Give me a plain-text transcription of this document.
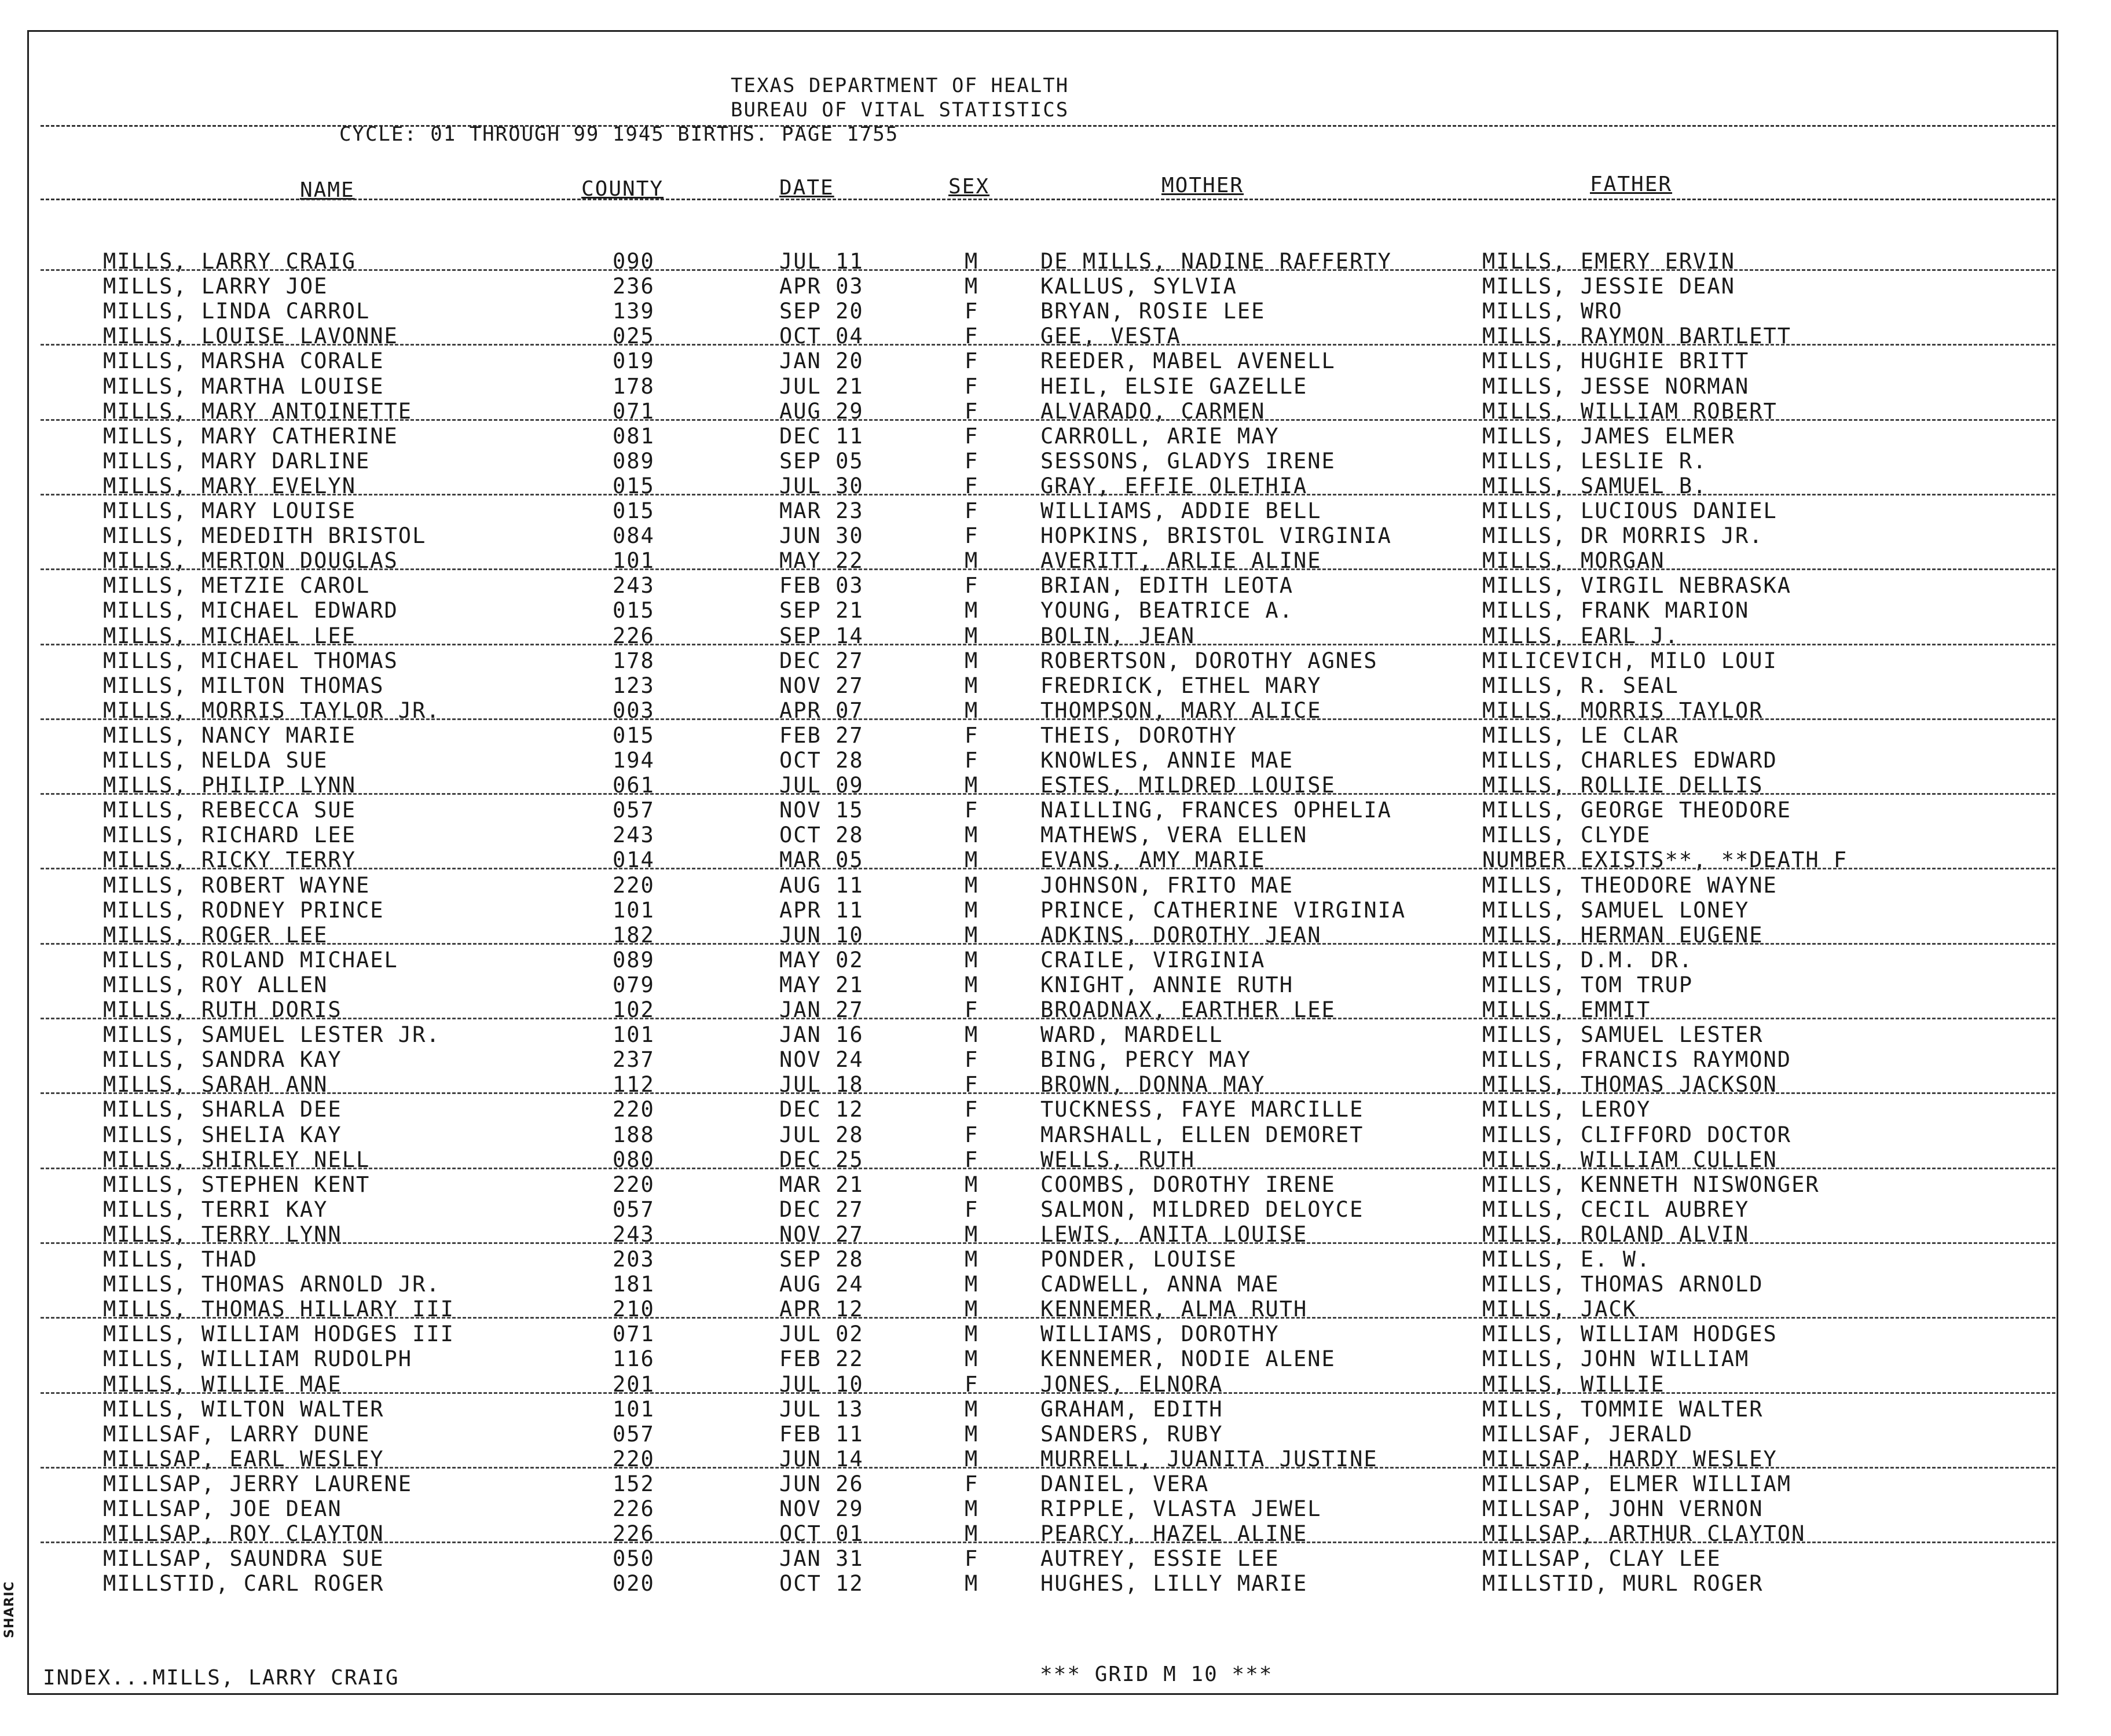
SHARIC
TEXAS DEPARTMENT OF HEALTH
BUREAU OF VITAL STATISTICS
CYCLE: 01 THROUGH 99 1945 BIRTHS. PAGE 1755
NAME	COUNTY	DATE	SEX	MOTHER	FATHER
MILLS, LARRY CRAIG	090	JUL 11	M	DE MILLS, NADINE RAFFERTY	MILLS, EMERY ERVIN
MILLS, LARRY JOE	236	APR 03	M	KALLUS, SYLVIA	MILLS, JESSIE DEAN
MILLS, LINDA CARROL	139	SEP 20	F	BRYAN, ROSIE LEE	MILLS, WRO
MILLS, LOUISE LAVONNE	025	OCT 04	F	GEE, VESTA	MILLS, RAYMON BARTLETT
MILLS, MARSHA CORALE	019	JAN 20	F	REEDER, MABEL AVENELL	MILLS, HUGHIE BRITT
MILLS, MARTHA LOUISE	178	JUL 21	F	HEIL, ELSIE GAZELLE	MILLS, JESSE NORMAN
MILLS, MARY ANTOINETTE	071	AUG 29	F	ALVARADO, CARMEN	MILLS, WILLIAM ROBERT
MILLS, MARY CATHERINE	081	DEC 11	F	CARROLL, ARIE MAY	MILLS, JAMES ELMER
MILLS, MARY DARLINE	089	SEP 05	F	SESSONS, GLADYS IRENE	MILLS, LESLIE R.
MILLS, MARY EVELYN	015	JUL 30	F	GRAY, EFFIE OLETHIA	MILLS, SAMUEL B.
MILLS, MARY LOUISE	015	MAR 23	F	WILLIAMS, ADDIE BELL	MILLS, LUCIOUS DANIEL
MILLS, MEDEDITH BRISTOL	084	JUN 30	F	HOPKINS, BRISTOL VIRGINIA	MILLS, DR MORRIS JR.
MILLS, MERTON DOUGLAS	101	MAY 22	M	AVERITT, ARLIE ALINE	MILLS, MORGAN
MILLS, METZIE CAROL	243	FEB 03	F	BRIAN, EDITH LEOTA	MILLS, VIRGIL NEBRASKA
MILLS, MICHAEL EDWARD	015	SEP 21	M	YOUNG, BEATRICE A.	MILLS, FRANK MARION
MILLS, MICHAEL LEE	226	SEP 14	M	BOLIN, JEAN	MILLS, EARL J.
MILLS, MICHAEL THOMAS	178	DEC 27	M	ROBERTSON, DOROTHY AGNES	MILICEVICH, MILO LOUI
MILLS, MILTON THOMAS	123	NOV 27	M	FREDRICK, ETHEL MARY	MILLS, R. SEAL
MILLS, MORRIS TAYLOR JR.	003	APR 07	M	THOMPSON, MARY ALICE	MILLS, MORRIS TAYLOR
MILLS, NANCY MARIE	015	FEB 27	F	THEIS, DOROTHY	MILLS, LE CLAR
MILLS, NELDA SUE	194	OCT 28	F	KNOWLES, ANNIE MAE	MILLS, CHARLES EDWARD
MILLS, PHILIP LYNN	061	JUL 09	M	ESTES, MILDRED LOUISE	MILLS, ROLLIE DELLIS
MILLS, REBECCA SUE	057	NOV 15	F	NAILLING, FRANCES OPHELIA	MILLS, GEORGE THEODORE
MILLS, RICHARD LEE	243	OCT 28	M	MATHEWS, VERA ELLEN	MILLS, CLYDE
MILLS, RICKY TERRY	014	MAR 05	M	EVANS, AMY MARIE	NUMBER EXISTS**, **DEATH F
MILLS, ROBERT WAYNE	220	AUG 11	M	JOHNSON, FRITO MAE	MILLS, THEODORE WAYNE
MILLS, RODNEY PRINCE	101	APR 11	M	PRINCE, CATHERINE VIRGINIA	MILLS, SAMUEL LONEY
MILLS, ROGER LEE	182	JUN 10	M	ADKINS, DOROTHY JEAN	MILLS, HERMAN EUGENE
MILLS, ROLAND MICHAEL	089	MAY 02	M	CRAILE, VIRGINIA	MILLS, D.M. DR.
MILLS, ROY ALLEN	079	MAY 21	M	KNIGHT, ANNIE RUTH	MILLS, TOM TRUP
MILLS, RUTH DORIS	102	JAN 27	F	BROADNAX, EARTHER LEE	MILLS, EMMIT
MILLS, SAMUEL LESTER JR.	101	JAN 16	M	WARD, MARDELL	MILLS, SAMUEL LESTER
MILLS, SANDRA KAY	237	NOV 24	F	BING, PERCY MAY	MILLS, FRANCIS RAYMOND
MILLS, SARAH ANN	112	JUL 18	F	BROWN, DONNA MAY	MILLS, THOMAS JACKSON
MILLS, SHARLA DEE	220	DEC 12	F	TUCKNESS, FAYE MARCILLE	MILLS, LEROY
MILLS, SHELIA KAY	188	JUL 28	F	MARSHALL, ELLEN DEMORET	MILLS, CLIFFORD DOCTOR
MILLS, SHIRLEY NELL	080	DEC 25	F	WELLS, RUTH	MILLS, WILLIAM CULLEN
MILLS, STEPHEN KENT	220	MAR 21	M	COOMBS, DOROTHY IRENE	MILLS, KENNETH NISWONGER
MILLS, TERRI KAY	057	DEC 27	F	SALMON, MILDRED DELOYCE	MILLS, CECIL AUBREY
MILLS, TERRY LYNN	243	NOV 27	M	LEWIS, ANITA LOUISE	MILLS, ROLAND ALVIN
MILLS, THAD	203	SEP 28	M	PONDER, LOUISE	MILLS, E. W.
MILLS, THOMAS ARNOLD JR.	181	AUG 24	M	CADWELL, ANNA MAE	MILLS, THOMAS ARNOLD
MILLS, THOMAS HILLARY III	210	APR 12	M	KENNEMER, ALMA RUTH	MILLS, JACK
MILLS, WILLIAM HODGES III	071	JUL 02	M	WILLIAMS, DOROTHY	MILLS, WILLIAM HODGES
MILLS, WILLIAM RUDOLPH	116	FEB 22	M	KENNEMER, NODIE ALENE	MILLS, JOHN WILLIAM
MILLS, WILLIE MAE	201	JUL 10	F	JONES, ELNORA	MILLS, WILLIE
MILLS, WILTON WALTER	101	JUL 13	M	GRAHAM, EDITH	MILLS, TOMMIE WALTER
MILLSAF, LARRY DUNE	057	FEB 11	M	SANDERS, RUBY	MILLSAF, JERALD
MILLSAP, EARL WESLEY	220	JUN 14	M	MURRELL, JUANITA JUSTINE	MILLSAP, HARDY WESLEY
MILLSAP, JERRY LAURENE	152	JUN 26	F	DANIEL, VERA	MILLSAP, ELMER WILLIAM
MILLSAP, JOE DEAN	226	NOV 29	M	RIPPLE, VLASTA JEWEL	MILLSAP, JOHN VERNON
MILLSAP, ROY CLAYTON	226	OCT 01	M	PEARCY, HAZEL ALINE	MILLSAP, ARTHUR CLAYTON
MILLSAP, SAUNDRA SUE	050	JAN 31	F	AUTREY, ESSIE LEE	MILLSAP, CLAY LEE
MILLSTID, CARL ROGER	020	OCT 12	M	HUGHES, LILLY MARIE	MILLSTID, MURL ROGER
INDEX...MILLS, LARRY CRAIG	*** GRID M 10 ***
